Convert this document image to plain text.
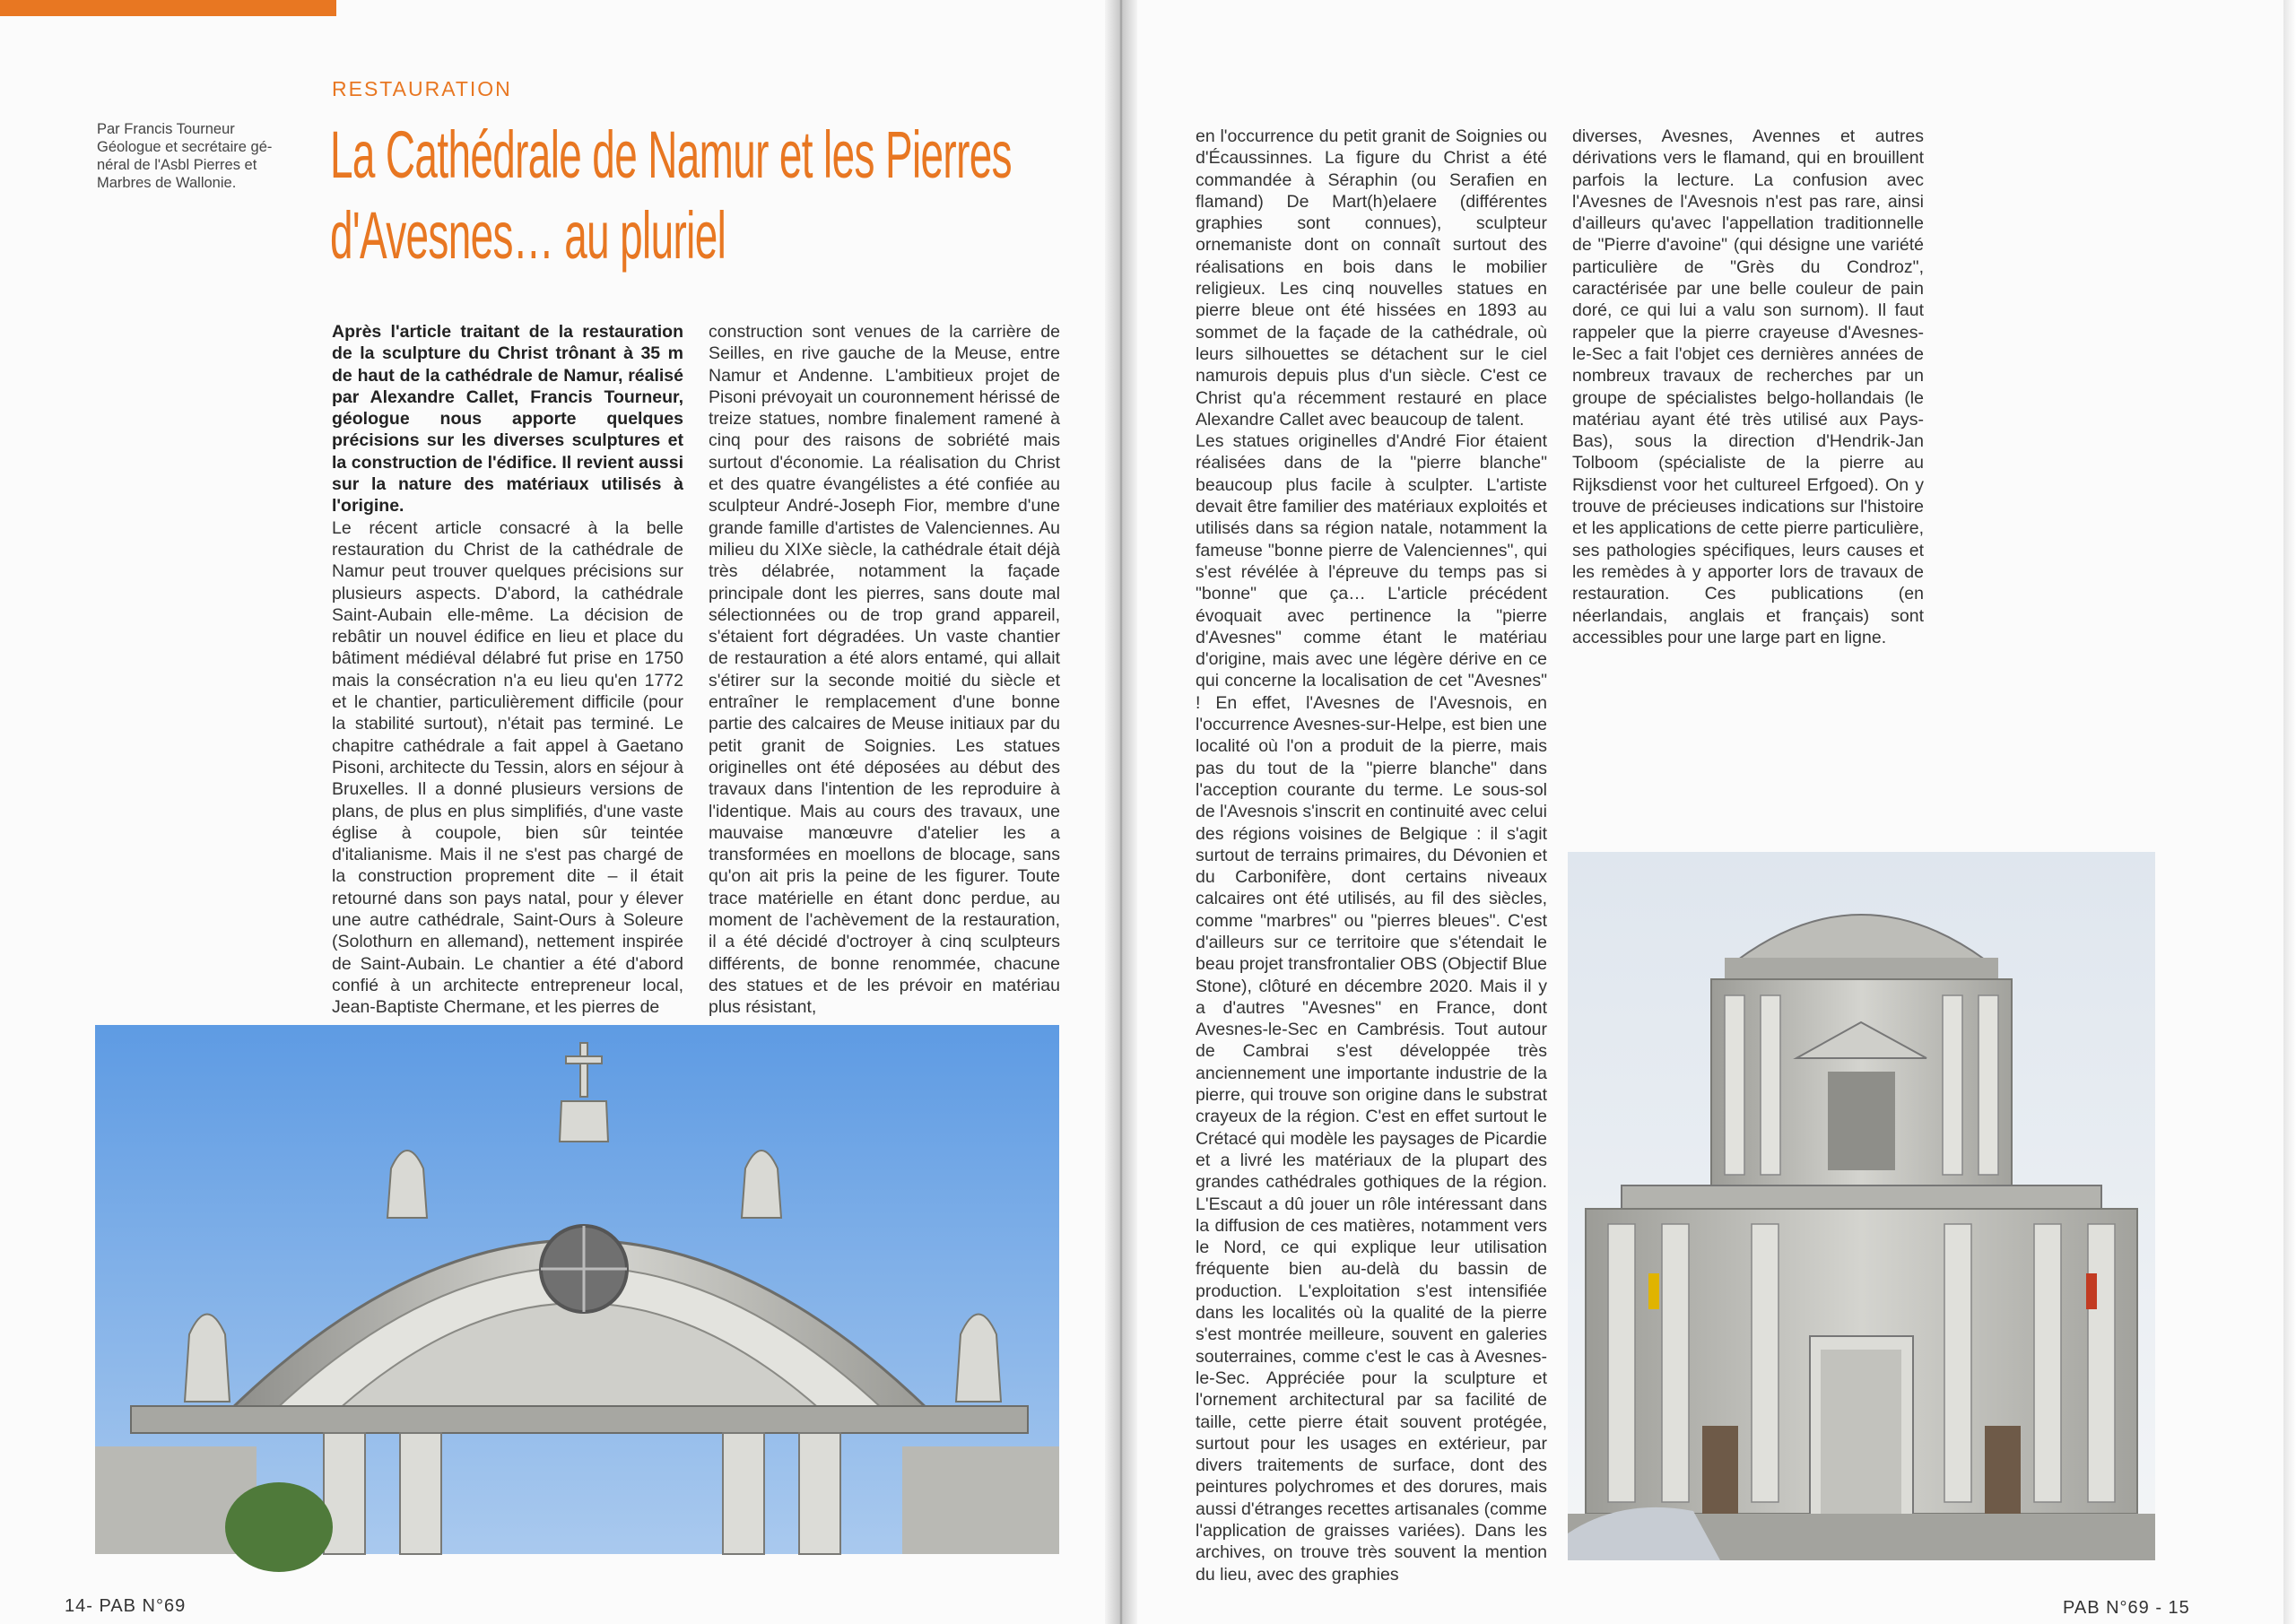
RESTAURATION
Par Francis Tourneur
Géologue et secrétaire gé-
néral de l'Asbl Pierres et
Marbres de Wallonie.	La Cathédrale de Namur et les Pierres
d'Avesnes… au pluriel

Après l'article traitant de la restauration de la sculpture du Christ trônant à 35 m de haut de la cathédrale de Namur, réalisé par Alexandre Callet, Francis Tourneur, géologue nous apporte quelques précisions sur les diverses sculptures et la construction de l'édifice. Il revient aussi sur la nature des matériaux utilisés à l'origine.

Le récent article consacré à la belle restauration du Christ de la cathédrale de Namur peut trouver quelques précisions sur plusieurs aspects. D'abord, la cathédrale Saint-Aubain elle-même. La décision de rebâtir un nouvel édifice en lieu et place du bâtiment médiéval délabré fut prise en 1750 mais la consécration n'a eu lieu qu'en 1772 et le chantier, particulièrement difficile (pour la stabilité surtout), n'était pas terminé. Le chapitre cathédrale a fait appel à Gaetano Pisoni, architecte du Tessin, alors en séjour à Bruxelles. Il a donné plusieurs versions de plans, de plus en plus simplifiés, d'une vaste église à coupole, bien sûr teintée d'italianisme. Mais il ne s'est pas chargé de la construction proprement dite – il était retourné dans son pays natal, pour y élever une autre cathédrale, Saint-Ours à Soleure (Solothurn en allemand), nettement inspirée de Saint-Aubain. Le chantier a été d'abord confié à un architecte entrepreneur local, Jean-Baptiste Chermane, et les pierres de

construction sont venues de la carrière de Seilles, en rive gauche de la Meuse, entre Namur et Andenne. L'ambitieux projet de Pisoni prévoyait un couronnement hérissé de treize statues, nombre finalement ramené à cinq pour des raisons de sobriété mais surtout d'économie. La réalisation du Christ et des quatre évangélistes a été confiée au sculpteur André-Joseph Fior, membre d'une grande famille d'artistes de Valenciennes. Au milieu du XIXe siècle, la cathédrale était déjà très délabrée, notamment la façade principale dont les pierres, sans doute mal sélectionnées ou de trop grand appareil, s'étaient fort dégradées. Un vaste chantier de restauration a été alors entamé, qui allait s'étirer sur la seconde moitié du siècle et entraîner le remplacement d'une bonne partie des calcaires de Meuse initiaux par du petit granit de Soignies. Les statues originelles ont été déposées au début des travaux dans l'intention de les reproduire à l'identique. Mais au cours des travaux, une mauvaise manœuvre d'atelier les a transformées en moellons de blocage, sans qu'on ait pris la peine de les figurer. Toute trace matérielle en étant donc perdue, au moment de l'achèvement de la restauration, il a été décidé d'octroyer à cinq sculpteurs différents, de bonne renommée, chacune des statues et de les prévoir en matériau plus résistant,

en l'occurrence du petit granit de Soignies ou d'Écaussinnes. La figure du Christ a été commandée à Séraphin (ou Serafien en flamand) De Mart(h)elaere (différentes graphies sont connues), sculpteur ornemaniste dont on connaît surtout des réalisations en bois dans le mobilier religieux. Les cinq nouvelles statues en pierre bleue ont été hissées en 1893 au sommet de la façade de la cathédrale, où leurs silhouettes se détachent sur le ciel namurois depuis plus d'un siècle. C'est ce Christ qu'a récemment restauré en place Alexandre Callet avec beaucoup de talent.

Les statues originelles d'André Fior étaient réalisées dans de la "pierre blanche" beaucoup plus facile à sculpter. L'artiste devait être familier des matériaux exploités et utilisés dans sa région natale, notamment la fameuse "bonne pierre de Valenciennes", qui s'est révélée à l'épreuve du temps pas si "bonne" que ça… L'article précédent évoquait avec pertinence la "pierre d'Avesnes" comme étant le matériau d'origine, mais avec une légère dérive en ce qui concerne la localisation de cet "Avesnes" ! En effet, l'Avesnes de l'Avesnois, en l'occurrence Avesnes-sur-Helpe, est bien une localité où l'on a produit de la pierre, mais pas du tout de la "pierre blanche" dans l'acception courante du terme. Le sous-sol de l'Avesnois s'inscrit en continuité avec celui des régions voisines de Belgique : il s'agit surtout de terrains primaires, du Dévonien et du Carbonifère, dont certains niveaux calcaires ont été utilisés, au fil des siècles, comme "marbres" ou "pierres bleues". C'est d'ailleurs sur ce territoire que s'étendait le beau projet transfrontalier OBS (Objectif Blue Stone), clôturé en décembre 2020. Mais il y a d'autres "Avesnes" en France, dont Avesnes-le-Sec en Cambrésis. Tout autour de Cambrai s'est développée très anciennement une importante industrie de la pierre, qui trouve son origine dans le substrat crayeux de la région. C'est en effet surtout le Crétacé qui modèle les paysages de Picardie et a livré les matériaux de la plupart des grandes cathédrales gothiques de la région. L'Escaut a dû jouer un rôle intéressant dans la diffusion de ces matières, notamment vers le Nord, ce qui explique leur utilisation fréquente bien au-delà du bassin de production. L'exploitation s'est intensifiée dans les localités où la qualité de la pierre s'est montrée meilleure, souvent en galeries souterraines, comme c'est le cas à Avesnes-le-Sec. Appréciée pour la sculpture et l'ornement architectural par sa facilité de taille, cette pierre était souvent protégée, surtout pour les usages en extérieur, par divers traitements de surface, dont des peintures polychromes et des dorures, mais aussi d'étranges recettes artisanales (comme l'application de graisses variées). Dans les archives, on trouve très souvent la mention du lieu, avec des graphies

diverses, Avesnes, Avennes et autres dérivations vers le flamand, qui en brouillent parfois la lecture. La confusion avec l'Avesnes de l'Avesnois n'est pas rare, ainsi d'ailleurs qu'avec l'appellation traditionnelle de "Pierre d'avoine" (qui désigne une variété particulière de "Grès du Condroz", caractérisée par une belle couleur de pain doré, ce qui lui a valu son surnom). Il faut rappeler que la pierre crayeuse d'Avesnes-le-Sec a fait l'objet ces dernières années de nombreux travaux de recherches par un groupe de spécialistes belgo-hollandais (le matériau ayant été très utilisé aux Pays-Bas), sous la direction d'Hendrik-Jan Tolboom (spécialiste de la pierre au Rijksdienst voor het cultureel Erfgoed). On y trouve de précieuses indications sur l'histoire et les applications de cette pierre particulière, ses pathologies spécifiques, leurs causes et les remèdes à y apporter lors de travaux de restauration. Ces publications (en néerlandais, anglais et français) sont accessibles pour une large part en ligne.

14- PAB N°69	PAB N°69 - 15
